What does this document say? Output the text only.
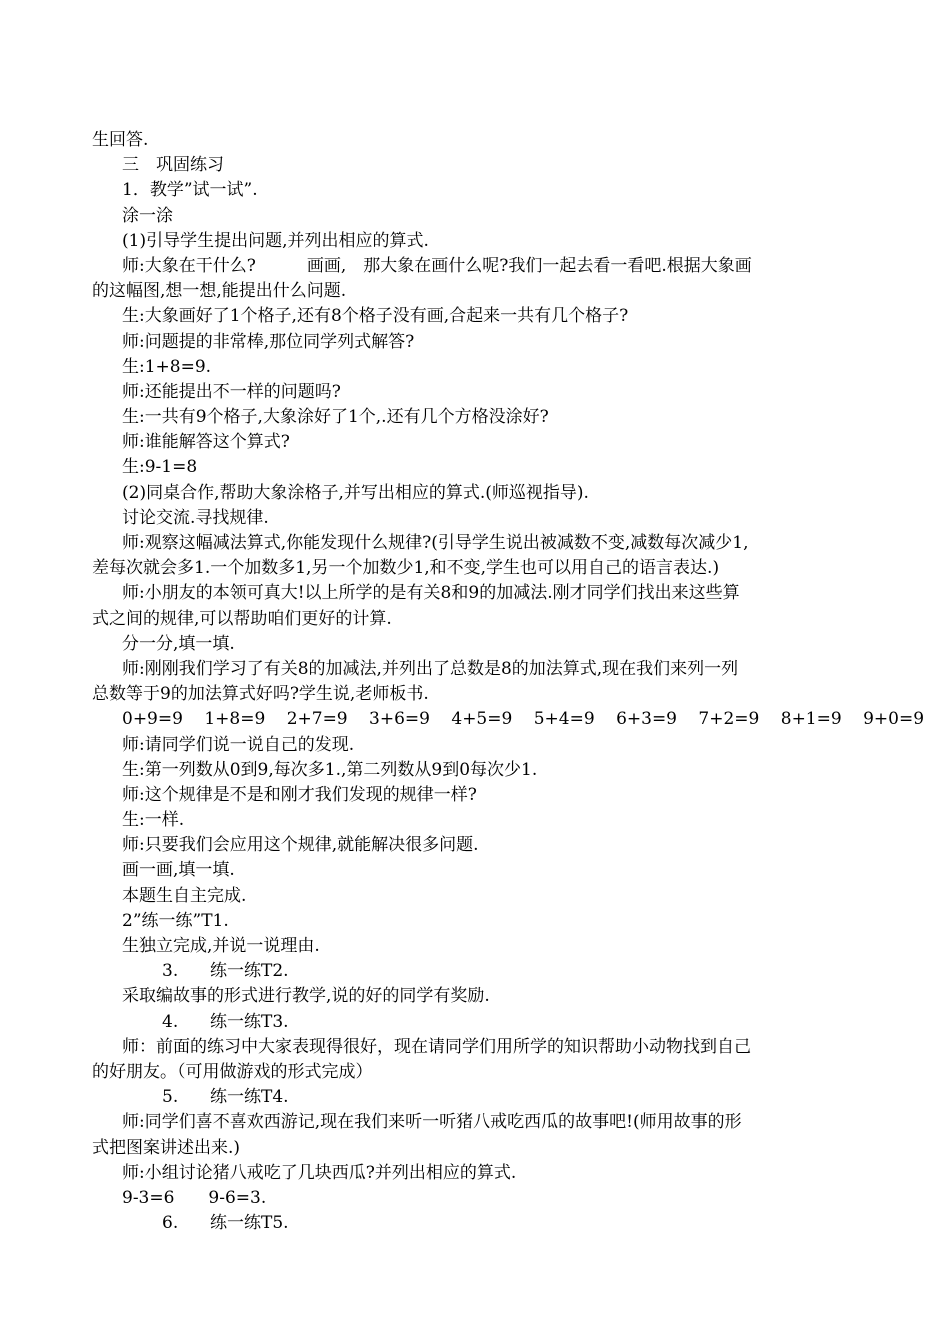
生回答.
三　巩固练习
1．教学”试一试”.
涂一涂
(1)引导学生提出问题,并列出相应的算式.
师:大象在干什么?　　　画画,　那大象在画什么呢?我们一起去看一看吧.根据大象画
的这幅图,想一想,能提出什么问题.
生:大象画好了1个格子,还有8个格子没有画,合起来一共有几个格子?
师:问题提的非常棒,那位同学列式解答?
生:1+8=9.
师:还能提出不一样的问题吗?
生:一共有9个格子,大象涂好了1个,.还有几个方格没涂好?
师:谁能解答这个算式?
生:9-1=8
(2)同桌合作,帮助大象涂格子,并写出相应的算式.(师巡视指导).
讨论交流.寻找规律.
师:观察这幅减法算式,你能发现什么规律?(引导学生说出被减数不变,减数每次减少1,
差每次就会多1.一个加数多1,另一个加数少1,和不变,学生也可以用自己的语言表达.)
师:小朋友的本领可真大!以上所学的是有关8和9的加减法.刚才同学们找出来这些算
式之间的规律,可以帮助咱们更好的计算.
分一分,填一填.
师:刚刚我们学习了有关8的加减法,并列出了总数是8的加法算式,现在我们来列一列
总数等于9的加法算式好吗?学生说,老师板书.
0+9=9 1+8=9 2+7=9 3+6=9 4+5=9 5+4=9 6+3=9 7+2=9 8+1=9 9+0=9
师:请同学们说一说自己的发现.
生:第一列数从0到9,每次多1.,第二列数从9到0每次少1.
师:这个规律是不是和刚才我们发现的规律一样?
生:一样.
师:只要我们会应用这个规律,就能解决很多问题.
画一画,填一填.
本题生自主完成.
2”练一练”T1.
生独立完成,并说一说理由.
3. 练一练T2.
采取编故事的形式进行教学,说的好的同学有奖励.
4. 练一练T3.
师：前面的练习中大家表现得很好，现在请同学们用所学的知识帮助小动物找到自己
的好朋友。（可用做游戏的形式完成）
5. 练一练T4.
师:同学们喜不喜欢西游记,现在我们来听一听猪八戒吃西瓜的故事吧!(师用故事的形
式把图案讲述出来.)
师:小组讨论猪八戒吃了几块西瓜?并列出相应的算式.
9-3=6　　9-6=3.
6. 练一练T5.
